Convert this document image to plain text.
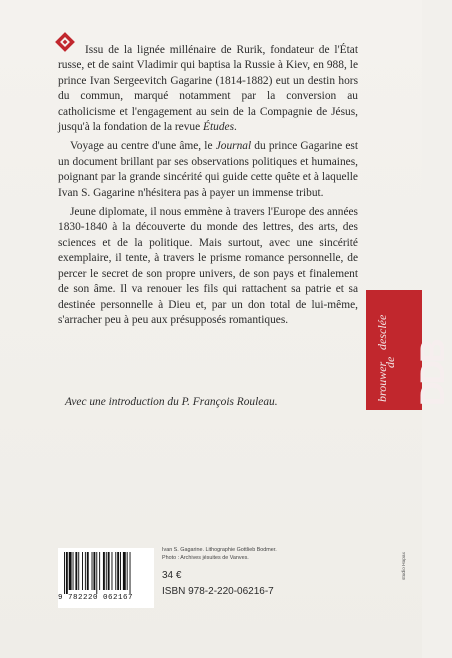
Issu de la lignée millénaire de Rurik, fondateur de l'État russe, et de saint Vladimir qui baptisa la Russie à Kiev, en 988, le prince Ivan Sergeevitch Gagarine (1814-1882) eut un destin hors du commun, marqué notamment par la conversion au catholicisme et l'engagement au sein de la Compagnie de Jésus, jusqu'à la fondation de la revue Études.

Voyage au centre d'une âme, le Journal du prince Gagarine est un document brillant par ses observations politiques et humaines, poignant par la grande sincérité qui guide cette quête et à laquelle Ivan S. Gagarine n'hésitera pas à payer un immense tribut.

Jeune diplomate, il nous emmène à travers l'Europe des années 1830-1840 à la découverte du monde des lettres, des arts, des sciences et de la politique. Mais surtout, avec une sincérité exemplaire, il tente, à travers le prisme romance personnelle, de percer le secret de son propre univers, de son pays et finalement de son âme. Il va renouer les fils qui rattachent sa patrie et sa destinée personnelle à Dieu et, par un don total de lui-même, s'arracher peu à peu aux présupposés romantiques.

Avec une introduction du P. François Rouleau.
desclée
de
brouwer DDB
9 782220 062167
Ivan S. Gagarine. Lithographie Gottlieb Bodmer.
Photo : Archives jésuites de Vanves.
34 €
ISBN 978-2-220-06216-7
studio Hapax
